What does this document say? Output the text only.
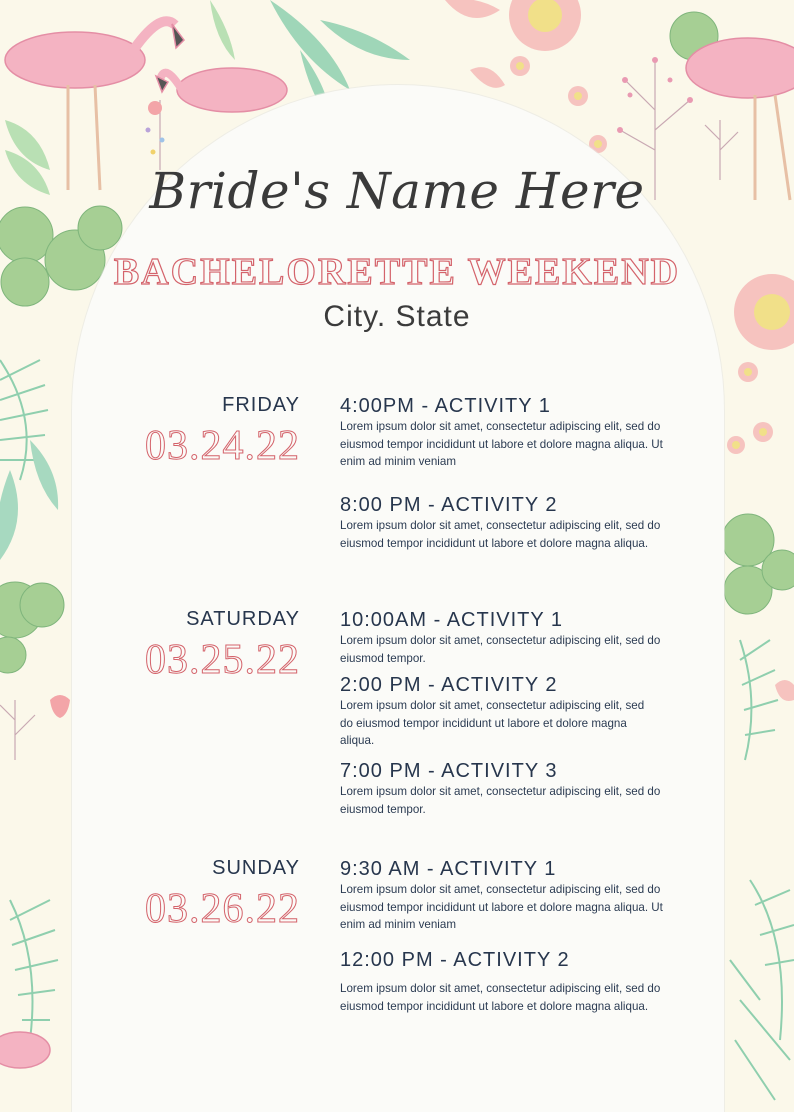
Bride's Name Here
BACHELORETTE WEEKEND
City. State
FRIDAY
03.24.22
4:00PM - ACTIVITY 1
Lorem ipsum dolor sit amet, consectetur adipiscing elit, sed do eiusmod tempor incididunt ut labore et dolore magna aliqua. Ut enim ad minim veniam
8:00 PM - ACTIVITY 2
Lorem ipsum dolor sit amet, consectetur adipiscing elit, sed do eiusmod tempor incididunt ut labore et dolore magna aliqua.
SATURDAY
03.25.22
10:00AM - ACTIVITY 1
Lorem ipsum dolor sit amet, consectetur adipiscing elit, sed do eiusmod tempor.
2:00 PM - ACTIVITY 2
Lorem ipsum dolor sit amet, consectetur adipiscing elit, sed do eiusmod tempor incididunt ut labore et dolore magna aliqua.
7:00 PM - ACTIVITY 3
Lorem ipsum dolor sit amet, consectetur adipiscing elit, sed do eiusmod tempor.
SUNDAY
03.26.22
9:30 AM - ACTIVITY 1
Lorem ipsum dolor sit amet, consectetur adipiscing elit, sed do eiusmod tempor incididunt ut labore et dolore magna aliqua. Ut enim ad minim veniam
12:00 PM - ACTIVITY 2
Lorem ipsum dolor sit amet, consectetur adipiscing elit, sed do eiusmod tempor incididunt ut labore et dolore magna aliqua.
